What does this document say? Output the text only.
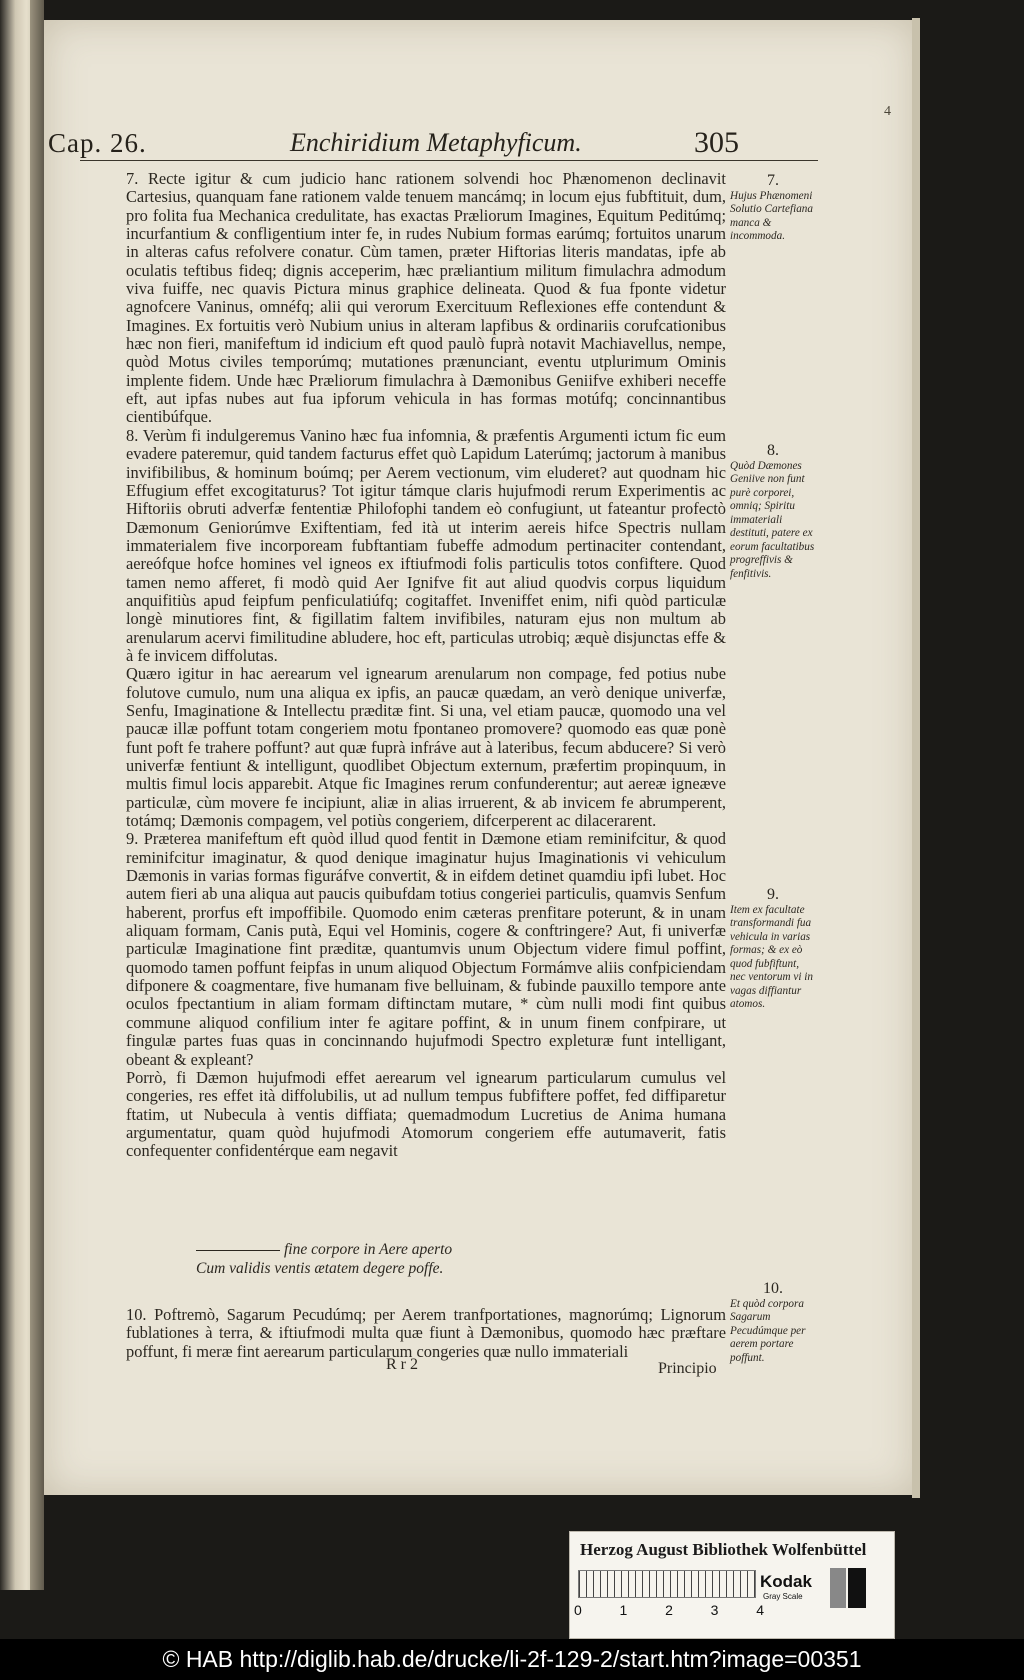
4
Cap. 26.	Enchiridium Metaphyficum.	305

7. Recte igitur & cum judicio hanc rationem solvendi hoc Phænomenon declinavit Cartesius, quanquam fane rationem valde tenuem mancámq; in locum ejus fubftituit, dum, pro folita fua Mechanica credulitate, has exactas Præliorum Imagines, Equitum Peditúmq; incurfantium & confligentium inter fe, in rudes Nubium formas earúmq; fortuitos unarum in alteras cafus refolvere conatur. Cùm tamen, præter Hiftorias literis mandatas, ipfe ab oculatis teftibus fideq; dignis acceperim, hæc præliantium militum fimulachra admodum viva fuiffe, nec quavis Pictura minus graphice delineata. Quod & fua fponte videtur agnofcere Vaninus, omnéfq; alii qui verorum Exercituum Reflexiones effe contendunt & Imagines. Ex fortuitis verò Nubium unius in alteram lapfibus & ordinariis corufcationibus hæc non fieri, manifeftum id indicium eft quod paulò fuprà notavit Machiavellus, nempe, quòd Motus civiles temporúmq; mutationes prænunciant, eventu utplurimum Ominis implente fidem. Unde hæc Præliorum fimulachra à Dæmonibus Geniifve exhiberi neceffe eft, aut ipfas nubes aut fua ipforum vehicula in has formas motúfq; concinnantibus cientibúfque.

8. Verùm fi indulgeremus Vanino hæc fua infomnia, & præfentis Argumenti ictum fic eum evadere pateremur, quid tandem facturus effet quò Lapidum Laterúmq; jactorum à manibus invifibilibus, & hominum boúmq; per Aerem vectionum, vim eluderet? aut quodnam hic Effugium effet excogitaturus? Tot igitur támque claris hujufmodi rerum Experimentis ac Hiftoriis obruti adverfæ fententiæ Philofophi tandem eò confugiunt, ut fateantur profectò Dæmonum Geniorúmve Exiftentiam, fed ità ut interim aereis hifce Spectris nullam immaterialem five incorpoream fubftantiam fubeffe admodum pertinaciter contendant, aereófque hofce homines vel igneos ex iftiufmodi folis particulis totos confiftere. Quod tamen nemo afferet, fi modò quid Aer Ignifve fit aut aliud quodvis corpus liquidum anquifitiùs apud feipfum penficulatiúfq; cogitaffet. Inveniffet enim, nifi quòd particulæ longè minutiores fint, & figillatim faltem invifibiles, naturam ejus non multum ab arenularum acervi fimilitudine abludere, hoc eft, particulas utrobiq; æquè disjunctas effe & à fe invicem diffolutas.

Quæro igitur in hac aerearum vel ignearum arenularum non compage, fed potius nube folutove cumulo, num una aliqua ex ipfis, an paucæ quædam, an verò denique univerfæ, Senfu, Imaginatione & Intellectu præditæ fint. Si una, vel etiam paucæ, quomodo una vel paucæ illæ poffunt totam congeriem motu fpontaneo promovere? quomodo eas quæ ponè funt poft fe trahere poffunt? aut quæ fuprà infráve aut à lateribus, fecum abducere? Si verò univerfæ fentiunt & intelligunt, quodlibet Objectum externum, præfertim propinquum, in multis fimul locis apparebit. Atque fic Imagines rerum confunderentur; aut aereæ igneæve particulæ, cùm movere fe incipiunt, aliæ in alias irruerent, & ab invicem fe abrumperent, totámq; Dæmonis compagem, vel potiùs congeriem, difcerperent ac dilacerarent.

9. Præterea manifeftum eft quòd illud quod fentit in Dæmone etiam reminifcitur, & quod reminifcitur imaginatur, & quod denique imaginatur hujus Imaginationis vi vehiculum Dæmonis in varias formas figuráfve convertit, & in eifdem detinet quamdiu ipfi lubet. Hoc autem fieri ab una aliqua aut paucis quibufdam totius congeriei particulis, quamvis Senfum haberent, prorfus eft impoffibile. Quomodo enim cæteras prenfitare poterunt, & in unam aliquam formam, Canis putà, Equi vel Hominis, cogere & conftringere? Aut, fi univerfæ particulæ Imaginatione fint præditæ, quantumvis unum Objectum videre fimul poffint, quomodo tamen poffunt feipfas in unum aliquod Objectum Formámve aliis confpiciendam difponere & coagmentare, five humanam five belluinam, & fubinde pauxillo tempore ante oculos fpectantium in aliam formam diftinctam mutare, * cùm nulli modi fint quibus commune aliquod confilium inter fe agitare poffint, & in unum finem confpirare, ut fingulæ partes fuas quas in concinnando hujufmodi Spectro expleturæ funt intelligant, obeant & expleant?

Porrò, fi Dæmon hujufmodi effet aerearum vel ignearum particularum cumulus vel congeries, res effet ità diffolubilis, ut ad nullum tempus fubfiftere poffet, fed diffiparetur ftatim, ut Nubecula à ventis diffiata; quemadmodum Lucretius de Anima humana argumentatur, quam quòd hujufmodi Atomorum congeriem effe autumaverit, fatis confequenter confidentérque eam negavit

fine corpore in Aere aperto
Cum validis ventis ætatem degere poffe.
10. Poftremò, Sagarum Pecudúmq; per Aerem tranfportationes, magnorúmq; Lignorum fublationes à terra, & iftiufmodi multa quæ fiunt à Dæmonibus, quomodo hæc præftare poffunt, fi meræ fint aerearum particularum congeries quæ nullo immateriali
R r 2	Principio
7.
Hujus Phænomeni Solutio Cartefiana manca & incommoda.
8.
Quòd Dæmones Geniive non funt purè corporei, omniq; Spiritu immateriali destituti, patere ex eorum facultatibus progreffivis & fenfitivis.
9.
Item ex facultate transformandi fua vehicula in varias formas; & ex eò quod fubfiftunt, nec ventorum vi in vagas diffiantur atomos.
10.
Et quòd corpora Sagarum Pecudúmque per aerem portare poffunt.
Herzog August Bibliothek Wolfenbüttel
0	1	2	3	4
Kodak
Gray Scale
© HAB http://diglib.hab.de/drucke/li-2f-129-2/start.htm?image=00351
